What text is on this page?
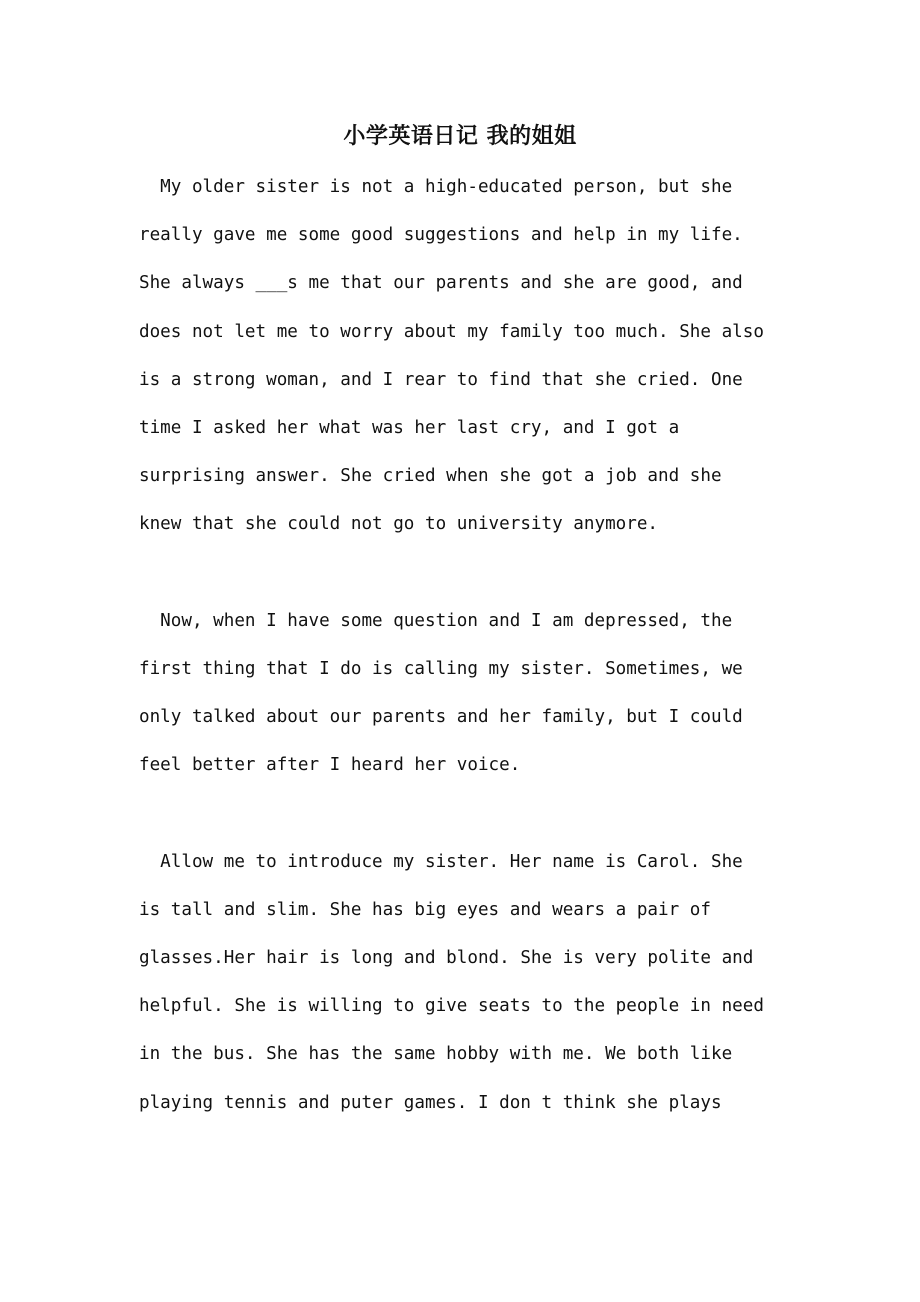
小学英语日记 我的姐姐

My older sister is not a high-educated person, but she

really gave me some good suggestions and help in my life.

She always ___s me that our parents and she are good, and

does not let me to worry about my family too much. She also

is a strong woman, and I rear to find that she cried. One

time I asked her what was her last cry, and I got a

surprising answer. She cried when she got a job and she

knew that she could not go to university anymore.

Now, when I have some question and I am depressed, the

first thing that I do is calling my sister. Sometimes, we

only talked about our parents and her family, but I could

feel better after I heard her voice.

Allow me to introduce my sister. Her name is Carol. She

is tall and slim. She has big eyes and wears a pair of

glasses.Her hair is long and blond. She is very polite and

helpful. She is willing to give seats to the people in need

in the bus. She has the same hobby with me. We both like

playing tennis and puter games. I don t think she plays
